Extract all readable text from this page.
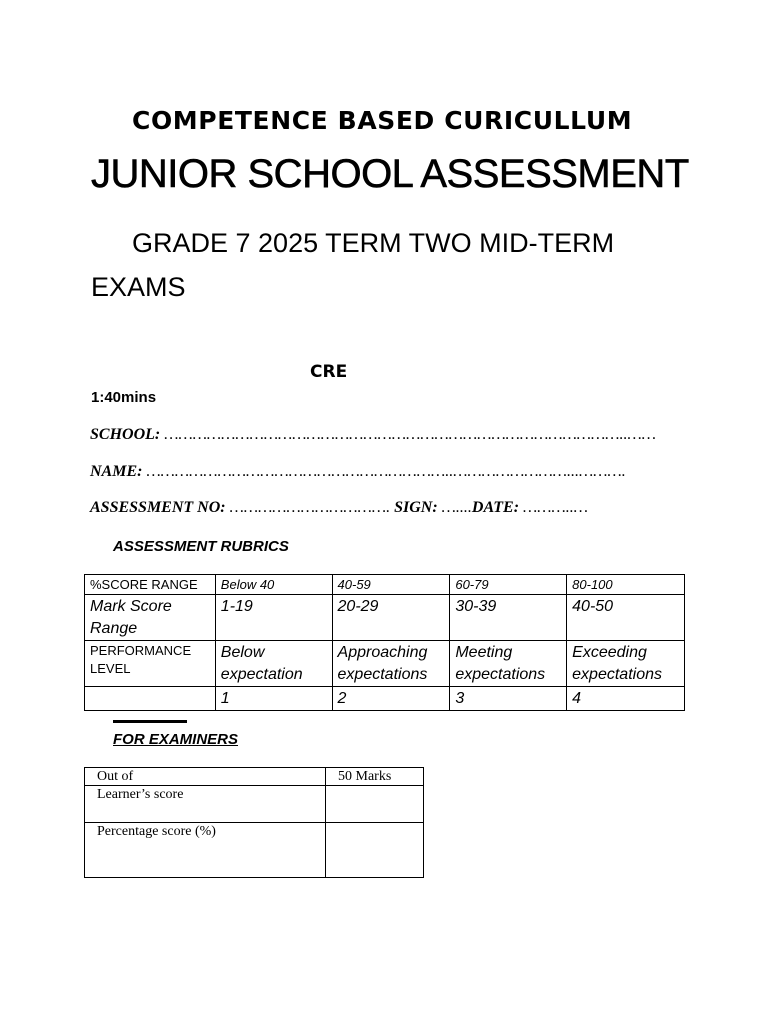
COMPETENCE BASED CURICULLUM
JUNIOR SCHOOL ASSESSMENT
GRADE 7 2025 TERM TWO MID-TERM
EXAMS
CRE
1:40mins
SCHOOL: ……………………………………………………………………………………..……
NAME: ………………………………………………………..……………………...……….
ASSESSMENT NO: ……………………………. SIGN: …....DATE: ………..…
ASSESSMENT RUBRICS
%SCORE RANGE	Below 40	40-59	60-79	80-100
Mark Score Range	1-19	20-29	30-39	40-50
PERFORMANCE LEVEL	Below expectation	Approaching expectations	Meeting expectations	Exceeding expectations
	1	2	3	4
FOR EXAMINERS
Out of	50 Marks
Learner’s score	
Percentage score (%)	
